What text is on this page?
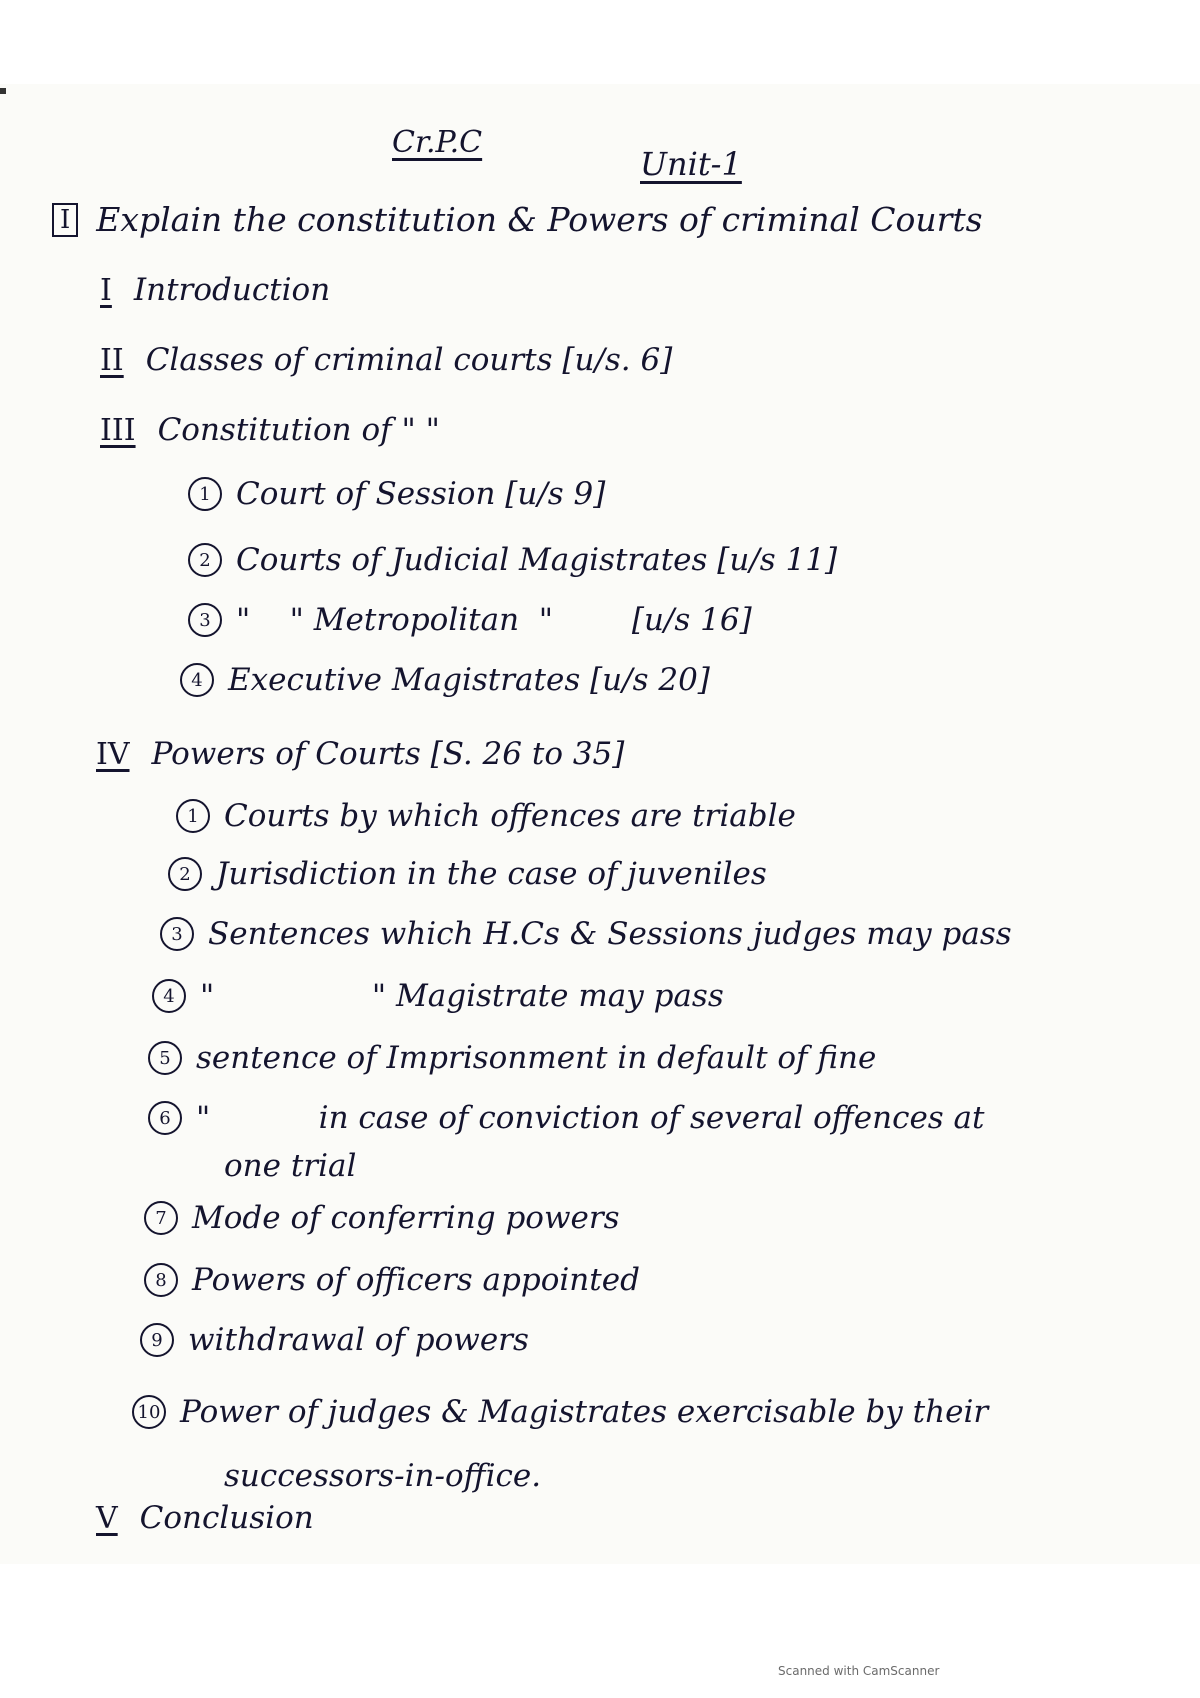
Cr.P.C
Unit-1
I Explain the constitution & Powers of criminal Courts
I Introduction
II Classes of criminal courts [u/s. 6]
III Constitution of " "
1 Court of Session [u/s 9]
2 Courts of Judicial Magistrates [u/s 11]
3 "    " Metropolitan  "        [u/s 16]
4 Executive Magistrates [u/s 20]
IV Powers of Courts [S. 26 to 35]
1 Courts by which offences are triable
2 Jurisdiction in the case of juveniles
3 Sentences which H.Cs & Sessions judges may pass
4 "                " Magistrate may pass
5 sentence of Imprisonment in default of fine
6 "           in case of conviction of several offences at
one trial
7 Mode of conferring powers
8 Powers of officers appointed
9 withdrawal of powers
10 Power of judges & Magistrates exercisable by their
successors-in-office.
V Conclusion
Scanned with CamScanner
